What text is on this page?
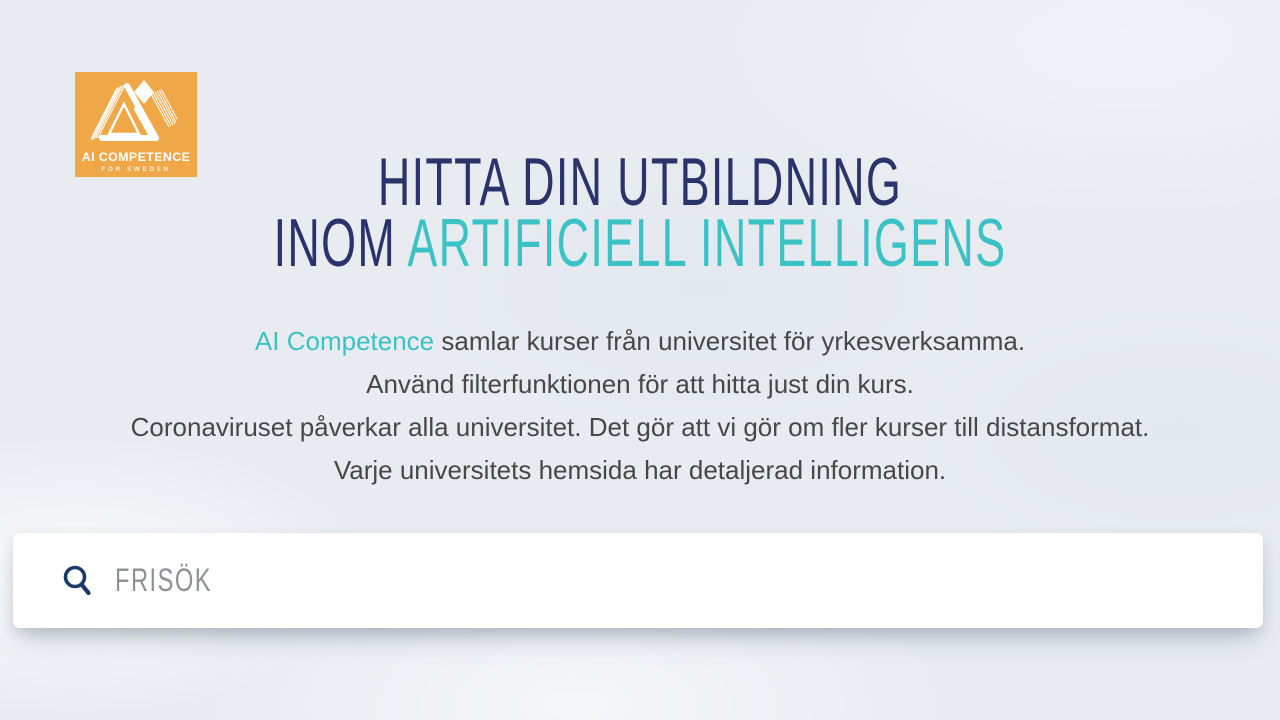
AI COMPETENCE
FOR SWEDEN	HITTA DIN UTBILDNING
INOM ARTIFICIELL INTELLIGENS
AI Competence samlar kurser från universitet för yrkesverksamma.
Använd filterfunktionen för att hitta just din kurs.
Coronaviruset påverkar alla universitet. Det gör att vi gör om fler kurser till distansformat.
Varje universitets hemsida har detaljerad information.
FRISÖK
